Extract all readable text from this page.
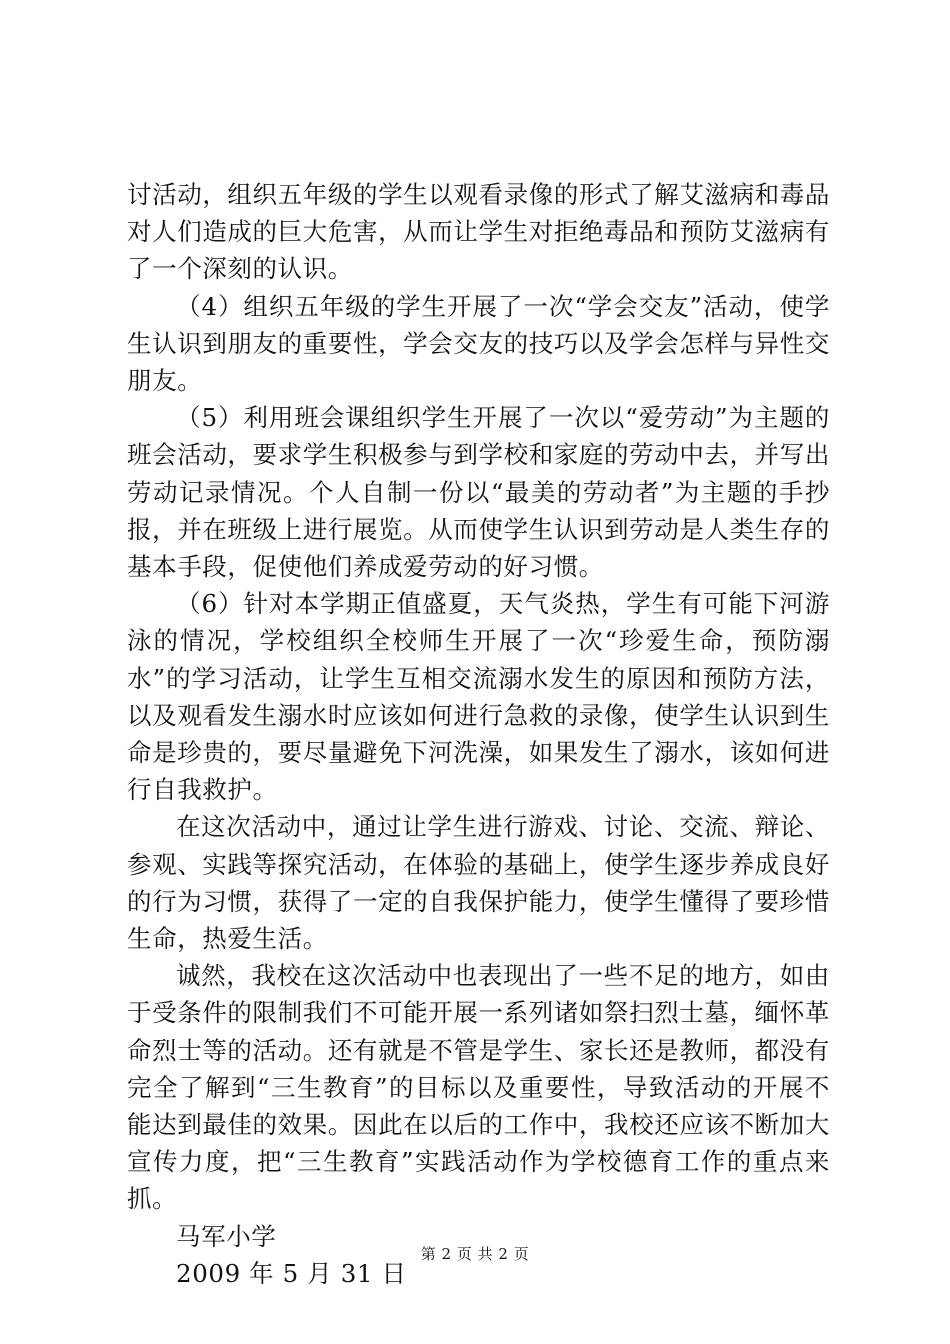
讨活动，组织五年级的学生以观看录像的形式了解艾滋病和毒品对人们造成的巨大危害，从而让学生对拒绝毒品和预防艾滋病有了一个深刻的认识。

（4）组织五年级的学生开展了一次“学会交友”活动，使学生认识到朋友的重要性，学会交友的技巧以及学会怎样与异性交朋友。

（5）利用班会课组织学生开展了一次以“爱劳动”为主题的班会活动，要求学生积极参与到学校和家庭的劳动中去，并写出劳动记录情况。个人自制一份以“最美的劳动者”为主题的手抄报，并在班级上进行展览。从而使学生认识到劳动是人类生存的基本手段，促使他们养成爱劳动的好习惯。

（6）针对本学期正值盛夏，天气炎热，学生有可能下河游泳的情况，学校组织全校师生开展了一次“珍爱生命，预防溺水”的学习活动，让学生互相交流溺水发生的原因和预防方法，以及观看发生溺水时应该如何进行急救的录像，使学生认识到生命是珍贵的，要尽量避免下河洗澡，如果发生了溺水，该如何进行自我救护。

在这次活动中，通过让学生进行游戏、讨论、交流、辩论、参观、实践等探究活动，在体验的基础上，使学生逐步养成良好的行为习惯，获得了一定的自我保护能力，使学生懂得了要珍惜生命，热爱生活。

诚然，我校在这次活动中也表现出了一些不足的地方，如由于受条件的限制我们不可能开展一系列诸如祭扫烈士墓，缅怀革命烈士等的活动。还有就是不管是学生、家长还是教师，都没有完全了解到“三生教育”的目标以及重要性，导致活动的开展不能达到最佳的效果。因此在以后的工作中，我校还应该不断加大宣传力度，把“三生教育”实践活动作为学校德育工作的重点来抓。

马军小学

2009 年 5 月 31 日

第 2 页 共 2 页
